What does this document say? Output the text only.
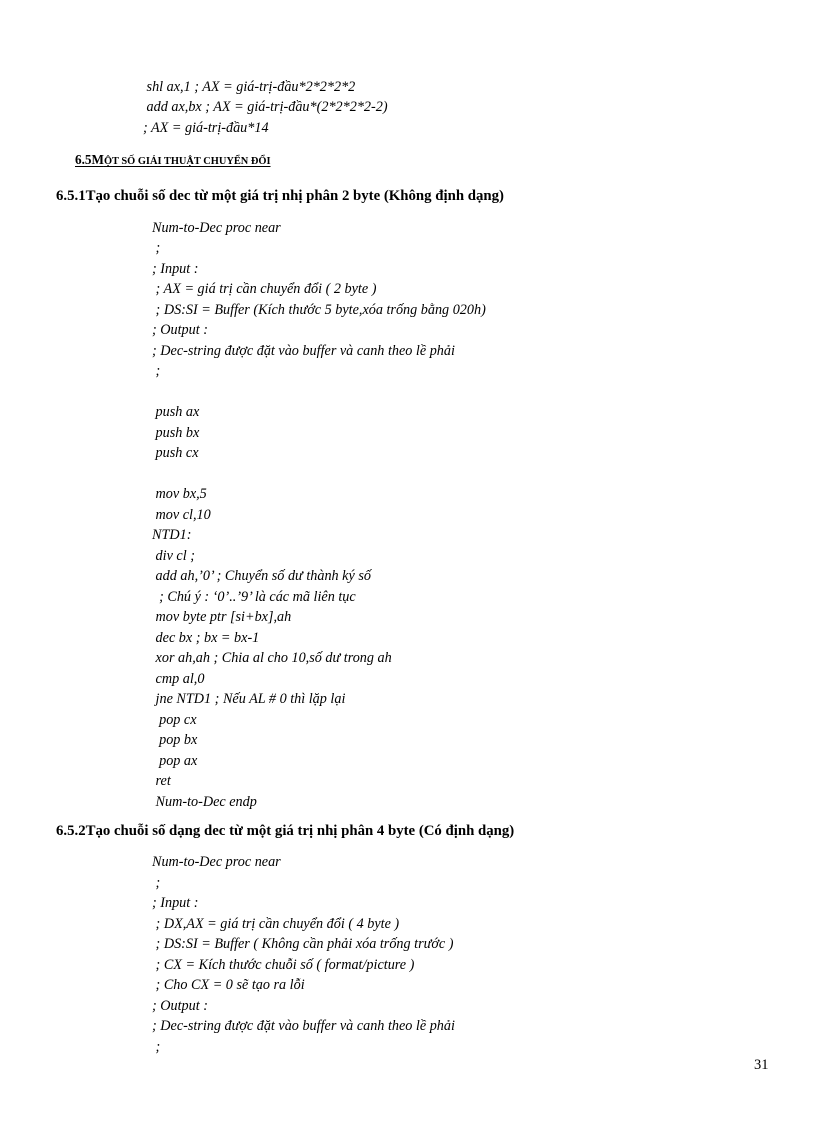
shl ax,1 ; AX = giá-trị-đầu*2*2*2*2
add ax,bx ; AX = giá-trị-đầu*(2*2*2*2-2)
; AX = giá-trị-đầu*14
6.5MỘT SỐ GIẢI THUẬT CHUYỂN ĐỔI
6.5.1Tạo chuỗi số dec từ một giá trị nhị phân 2 byte (Không định dạng)
Num-to-Dec proc near
;
; Input :
; AX = giá trị cần chuyển đổi ( 2 byte )
; DS:SI = Buffer (Kích thước 5 byte,xóa trống bằng 020h)
; Output :
; Dec-string được đặt vào buffer và canh theo lề phải
;
push ax
push bx
push cx
mov bx,5
mov cl,10
NTD1:
div cl ;
add ah,’0’ ; Chuyển số dư thành ký số
; Chú ý : ‘0’..’9’ là các mã liên tục
mov byte ptr [si+bx],ah
dec bx ; bx = bx-1
xor ah,ah ; Chia al cho 10,số dư trong ah
cmp al,0
jne NTD1 ; Nếu AL # 0 thì lặp lại
pop cx
pop bx
pop ax
ret
Num-to-Dec endp
6.5.2Tạo chuỗi số dạng dec từ một giá trị nhị phân 4 byte (Có định dạng)
Num-to-Dec proc near
;
; Input :
; DX,AX = giá trị cần chuyển đổi ( 4 byte )
; DS:SI = Buffer ( Không cần phải xóa trống trước )
; CX = Kích thước chuỗi số ( format/picture )
; Cho CX = 0 sẽ tạo ra lỗi
; Output :
; Dec-string được đặt vào buffer và canh theo lề phải
;
31
